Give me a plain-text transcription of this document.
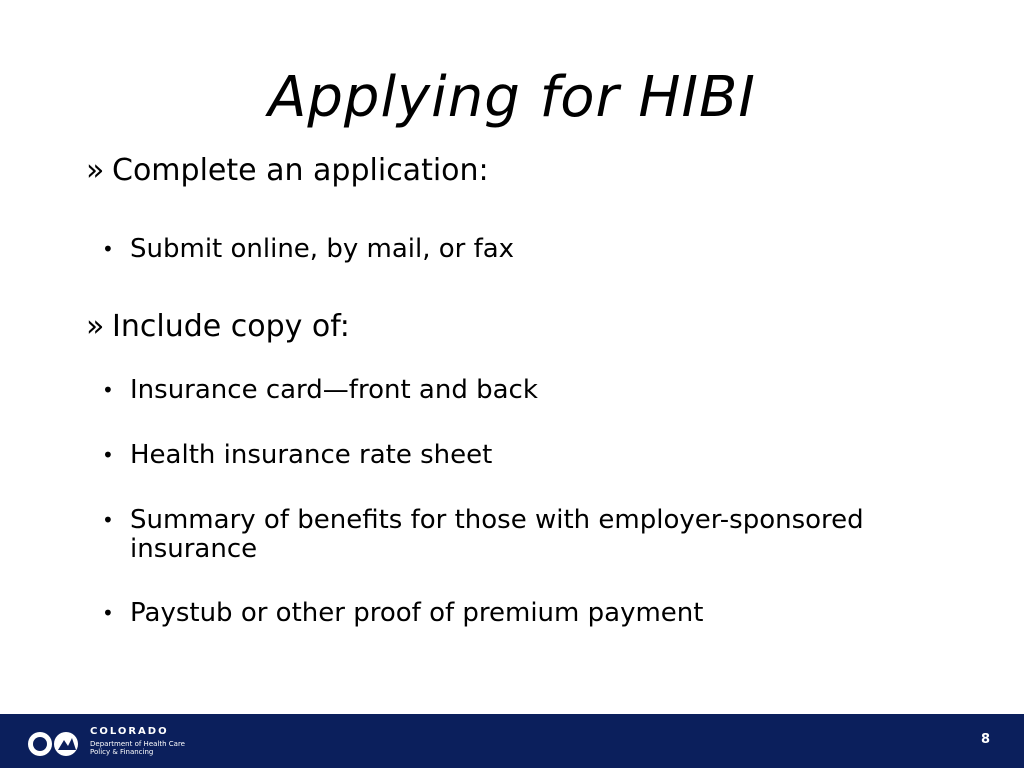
Applying for HIBI
» Complete an application:
• Submit online, by mail, or fax
» Include copy of:
• Insurance card—front and back
• Health insurance rate sheet
• Summary of benefits for those with employer-sponsored insurance
• Paystub or other proof of premium payment
COLORADO
Department of Health Care Policy & Financing
8
